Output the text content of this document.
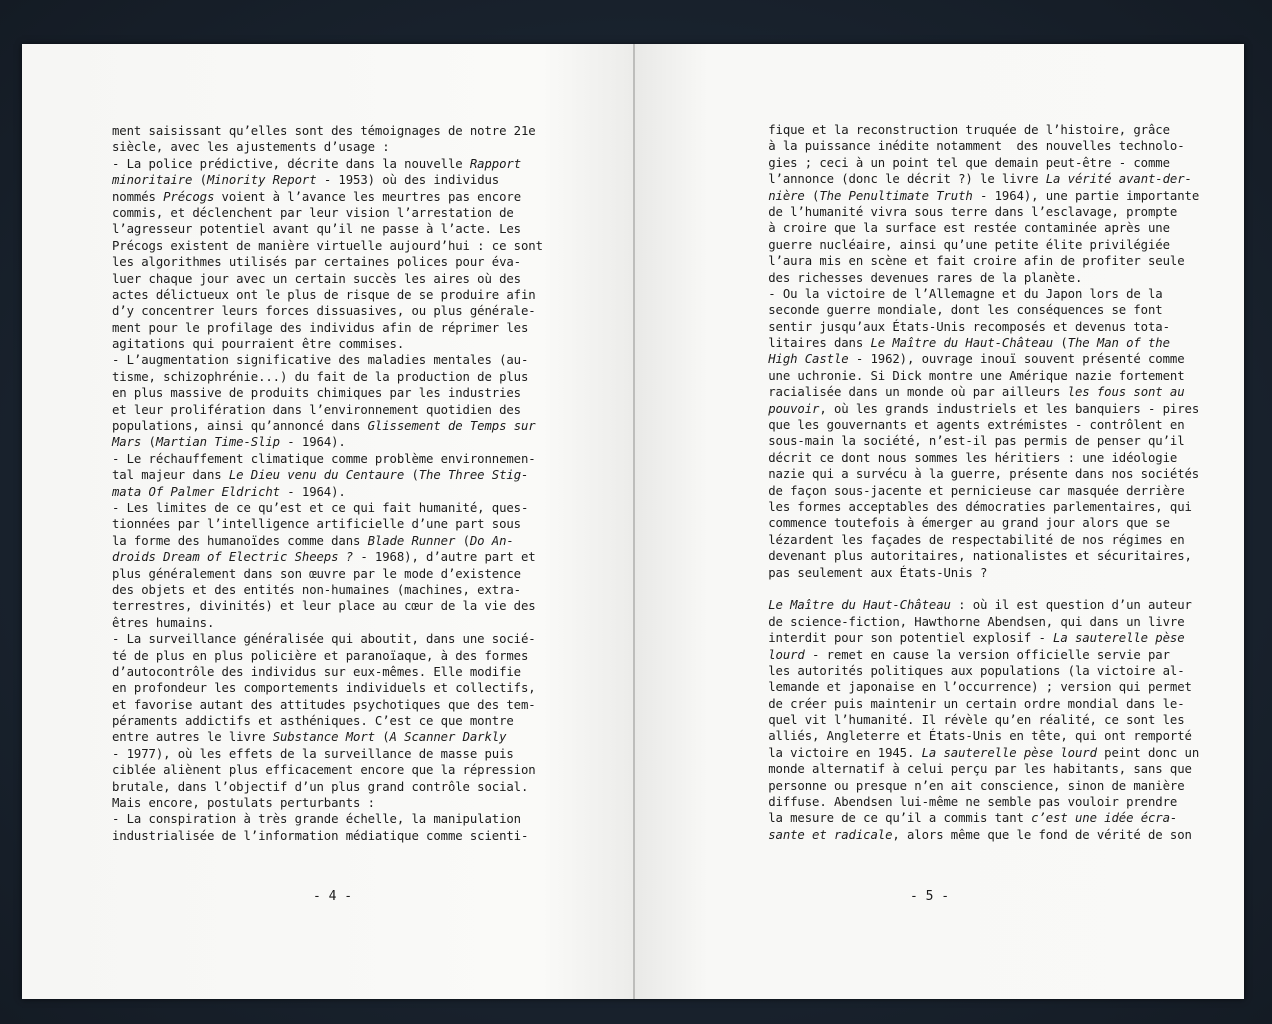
ment saisissant qu’elles sont des témoignages de notre 21e
siècle, avec les ajustements d’usage :
- La police prédictive, décrite dans la nouvelle Rapport
minoritaire (Minority Report - 1953) où des individus
nommés Précogs voient à l’avance les meurtres pas encore
commis, et déclenchent par leur vision l’arrestation de
l’agresseur potentiel avant qu’il ne passe à l’acte. Les
Précogs existent de manière virtuelle aujourd’hui : ce sont
les algorithmes utilisés par certaines polices pour éva-
luer chaque jour avec un certain succès les aires où des
actes délictueux ont le plus de risque de se produire afin
d’y concentrer leurs forces dissuasives, ou plus générale-
ment pour le profilage des individus afin de réprimer les
agitations qui pourraient être commises.
- L’augmentation significative des maladies mentales (au-
tisme, schizophrénie...) du fait de la production de plus
en plus massive de produits chimiques par les industries
et leur prolifération dans l’environnement quotidien des
populations, ainsi qu’annoncé dans Glissement de Temps sur
Mars (Martian Time-Slip - 1964).
- Le réchauffement climatique comme problème environnemen-
tal majeur dans Le Dieu venu du Centaure (The Three Stig-
mata Of Palmer Eldricht - 1964).
- Les limites de ce qu’est et ce qui fait humanité, ques-
tionnées par l’intelligence artificielle d’une part sous
la forme des humanoïdes comme dans Blade Runner (Do An-
droids Dream of Electric Sheeps ? - 1968), d’autre part et
plus généralement dans son œuvre par le mode d’existence
des objets et des entités non-humaines (machines, extra-
terrestres, divinités) et leur place au cœur de la vie des
êtres humains.
- La surveillance généralisée qui aboutit, dans une socié-
té de plus en plus policière et paranoïaque, à des formes
d’autocontrôle des individus sur eux-mêmes. Elle modifie
en profondeur les comportements individuels et collectifs,
et favorise autant des attitudes psychotiques que des tem-
péraments addictifs et asthéniques. C’est ce que montre
entre autres le livre Substance Mort (A Scanner Darkly
- 1977), où les effets de la surveillance de masse puis
ciblée aliènent plus efficacement encore que la répression
brutale, dans l’objectif d’un plus grand contrôle social.
Mais encore, postulats perturbants :
- La conspiration à très grande échelle, la manipulation
industrialisée de l’information médiatique comme scienti-
- 4 -
fique et la reconstruction truquée de l’histoire, grâce
à la puissance inédite notamment  des nouvelles technolo-
gies ; ceci à un point tel que demain peut-être - comme
l’annonce (donc le décrit ?) le livre La vérité avant-der-
nière (The Penultimate Truth - 1964), une partie importante
de l’humanité vivra sous terre dans l’esclavage, prompte
à croire que la surface est restée contaminée après une
guerre nucléaire, ainsi qu’une petite élite privilégiée
l’aura mis en scène et fait croire afin de profiter seule
des richesses devenues rares de la planète.
- Ou la victoire de l’Allemagne et du Japon lors de la
seconde guerre mondiale, dont les conséquences se font
sentir jusqu’aux États-Unis recomposés et devenus tota-
litaires dans Le Maître du Haut-Château (The Man of the
High Castle - 1962), ouvrage inouï souvent présenté comme
une uchronie. Si Dick montre une Amérique nazie fortement
racialisée dans un monde où par ailleurs les fous sont au
pouvoir, où les grands industriels et les banquiers - pires
que les gouvernants et agents extrémistes - contrôlent en
sous-main la société, n’est-il pas permis de penser qu’il
décrit ce dont nous sommes les héritiers : une idéologie
nazie qui a survécu à la guerre, présente dans nos sociétés
de façon sous-jacente et pernicieuse car masquée derrière
les formes acceptables des démocraties parlementaires, qui
commence toutefois à émerger au grand jour alors que se
lézardent les façades de respectabilité de nos régimes en
devenant plus autoritaires, nationalistes et sécuritaires,
pas seulement aux États-Unis ?
Le Maître du Haut-Château : où il est question d’un auteur
de science-fiction, Hawthorne Abendsen, qui dans un livre
interdit pour son potentiel explosif - La sauterelle pèse
lourd - remet en cause la version officielle servie par
les autorités politiques aux populations (la victoire al-
lemande et japonaise en l’occurrence) ; version qui permet
de créer puis maintenir un certain ordre mondial dans le-
quel vit l’humanité. Il révèle qu’en réalité, ce sont les
alliés, Angleterre et États-Unis en tête, qui ont remporté
la victoire en 1945. La sauterelle pèse lourd peint donc un
monde alternatif à celui perçu par les habitants, sans que
personne ou presque n’en ait conscience, sinon de manière
diffuse. Abendsen lui-même ne semble pas vouloir prendre
la mesure de ce qu’il a commis tant c’est une idée écra-
sante et radicale, alors même que le fond de vérité de son
- 5 -
